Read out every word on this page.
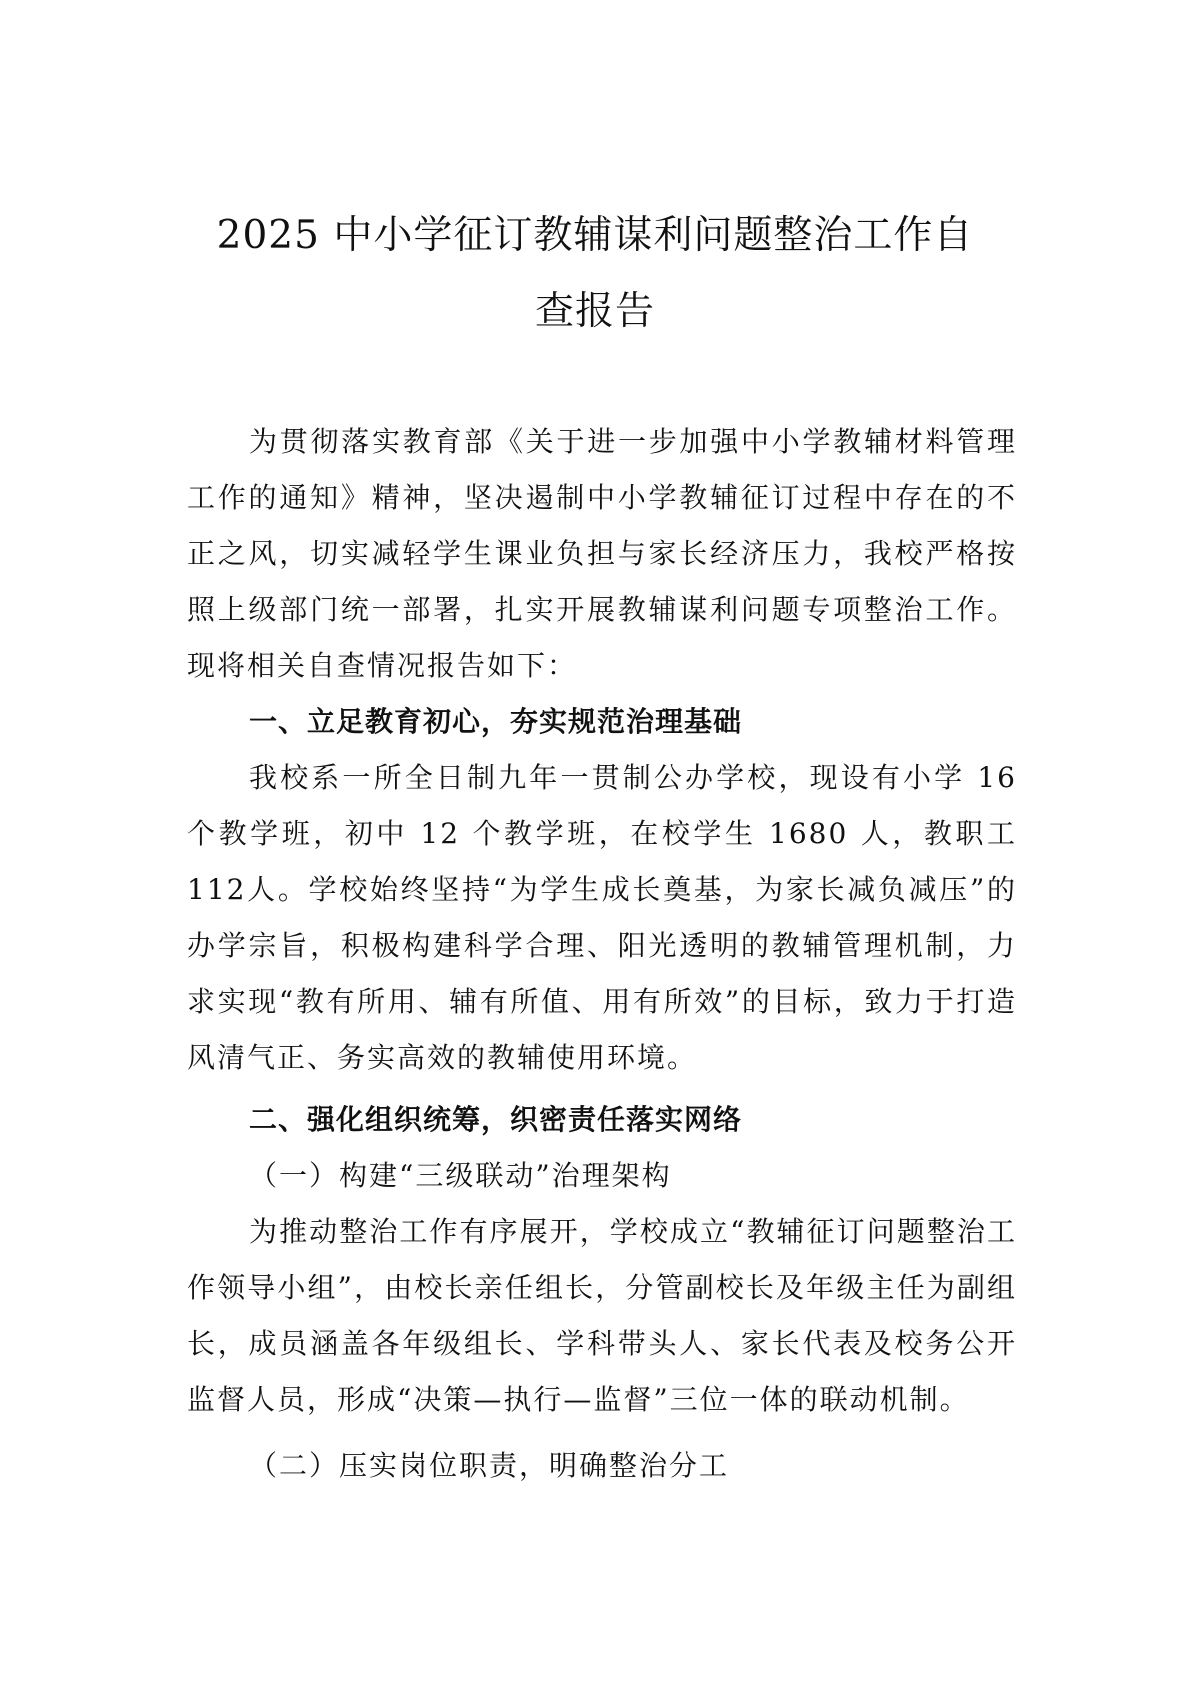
2025 中小学征订教辅谋利问题整治工作自
查报告

为贯彻落实教育部《关于进一步加强中小学教辅材料管理工作的通知》精神，坚决遏制中小学教辅征订过程中存在的不正之风，切实减轻学生课业负担与家长经济压力，我校严格按照上级部门统一部署，扎实开展教辅谋利问题专项整治工作。现将相关自查情况报告如下：

一、立足教育初心，夯实规范治理基础

我校系一所全日制九年一贯制公办学校，现设有小学 16个教学班，初中 12 个教学班，在校学生 1680 人，教职工 112人。学校始终坚持“为学生成长奠基，为家长减负减压”的办学宗旨，积极构建科学合理、阳光透明的教辅管理机制，力求实现“教有所用、辅有所值、用有所效”的目标，致力于打造风清气正、务实高效的教辅使用环境。

二、强化组织统筹，织密责任落实网络

（一）构建“三级联动”治理架构

为推动整治工作有序展开，学校成立“教辅征订问题整治工作领导小组”，由校长亲任组长，分管副校长及年级主任为副组长，成员涵盖各年级组长、学科带头人、家长代表及校务公开监督人员，形成“决策—执行—监督”三位一体的联动机制。

（二）压实岗位职责，明确整治分工
